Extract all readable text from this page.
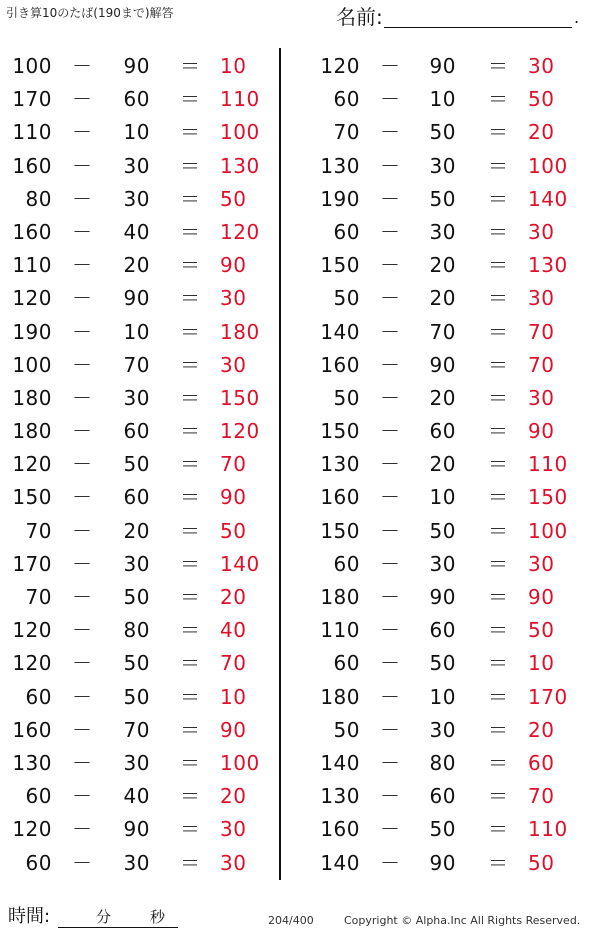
引き算10のたば(190まで)解答	名前:	.
100 －	90 ＝ 10
170 －	60 ＝ 110
110 －	10 ＝ 100
160 －	30 ＝ 130
80 －	30 ＝ 50
160 －	40 ＝ 120
110 －	20 ＝ 90
120 －	90 ＝ 30
190 －	10 ＝ 180
100 －	70 ＝ 30
180 －	30 ＝ 150
180 －	60 ＝ 120
120 －	50 ＝ 70
150 －	60 ＝ 90
70 －	20 ＝ 50
170 －	30 ＝ 140
70 －	50 ＝ 20
120 －	80 ＝ 40
120 －	50 ＝ 70
60 －	50 ＝ 10
160 －	70 ＝ 90
130 －	30 ＝ 100
60 －	40 ＝ 20
120 －	90 ＝ 30
60 －	30 ＝ 30
120 －	90 ＝ 30
60 －	10 ＝ 50
70 －	50 ＝ 20
130 －	30 ＝ 100
190 －	50 ＝ 140
60 －	30 ＝ 30
150 －	20 ＝ 130
50 －	20 ＝ 30
140 －	70 ＝ 70
160 －	90 ＝ 70
50 －	20 ＝ 30
150 －	60 ＝ 90
130 －	20 ＝ 110
160 －	10 ＝ 150
150 －	50 ＝ 100
60 －	30 ＝ 30
180 －	90 ＝ 90
110 －	60 ＝ 50
60 －	50 ＝ 10
180 －	10 ＝ 170
50 －	30 ＝ 20
140 －	80 ＝ 60
130 －	60 ＝ 70
160 －	50 ＝ 110
140 －	90 ＝ 50
時間:	分	秒	204/400	Copyright © Alpha.Inc All Rights Reserved.
